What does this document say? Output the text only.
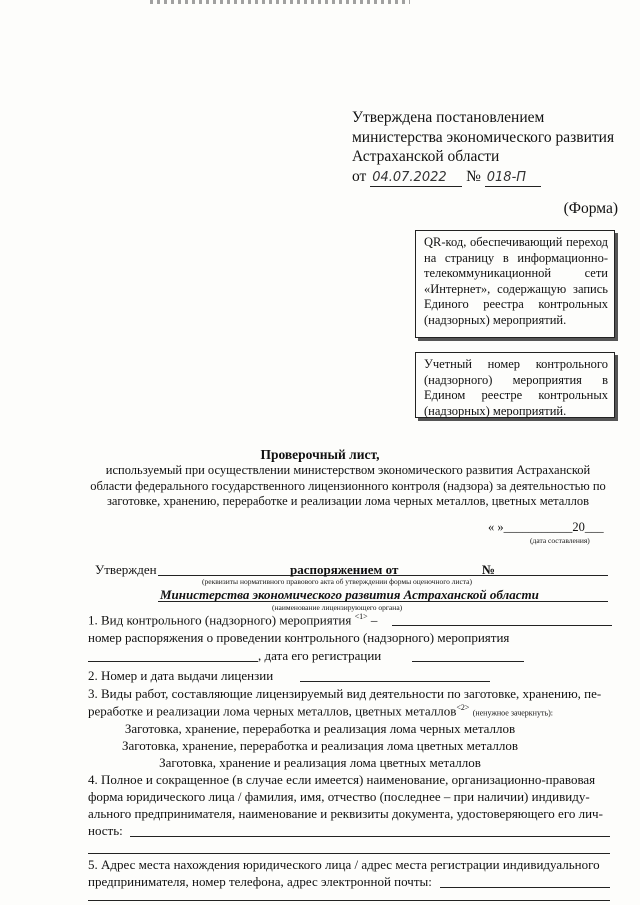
Утверждена постановлением
министерства экономического развития
Астраханской области
от 04.07.2022 № 018-П
(Форма)
QR-код, обеспечивающий переход на страницу в информационно-телекоммуникационной сети «Интернет», содержащую запись Единого реестра контрольных (надзорных) мероприятий.
Учетный номер контрольного (надзорного) мероприятия в Едином реестре контрольных (надзорных) мероприятий.
Проверочный лист,
используемый при осуществлении министерством экономического развития Астраханской области федерального государственного лицензионного контроля (надзора) за деятельностью по заготовке, хранению, переработке и реализации лома черных металлов, цветных металлов
« »___________20___
(дата составления)
Утвержден	распоряжением от	№
(реквизиты нормативного правового акта об утверждении формы оценочного листа)
Министерства экономического развития Астраханской области
(наименование лицензирующего органа)
1. Вид контрольного (надзорного) мероприятия $^{<1>}$ –
номер распоряжения о проведении контрольного (надзорного) мероприятия
, дата его регистрации
2. Номер и дата выдачи лицензии
3. Виды работ, составляющие лицензируемый вид деятельности по заготовке, хранению, пе-
реработке и реализации лома черных металлов, цветных металлов$^{<2>}$ (ненужное зачеркнуть):
Заготовка, хранение, переработка и реализация лома черных металлов
Заготовка, хранение, переработка и реализация лома цветных металлов
Заготовка, хранение и реализация лома цветных металлов
4. Полное и сокращенное (в случае если имеется) наименование, организационно-правовая
форма юридического лица / фамилия, имя, отчество (последнее – при наличии) индивиду-
ального предпринимателя, наименование и реквизиты документа, удостоверяющего его лич-
ность:
5. Адрес места нахождения юридического лица / адрес места регистрации индивидуального
предпринимателя, номер телефона, адрес электронной почты:
